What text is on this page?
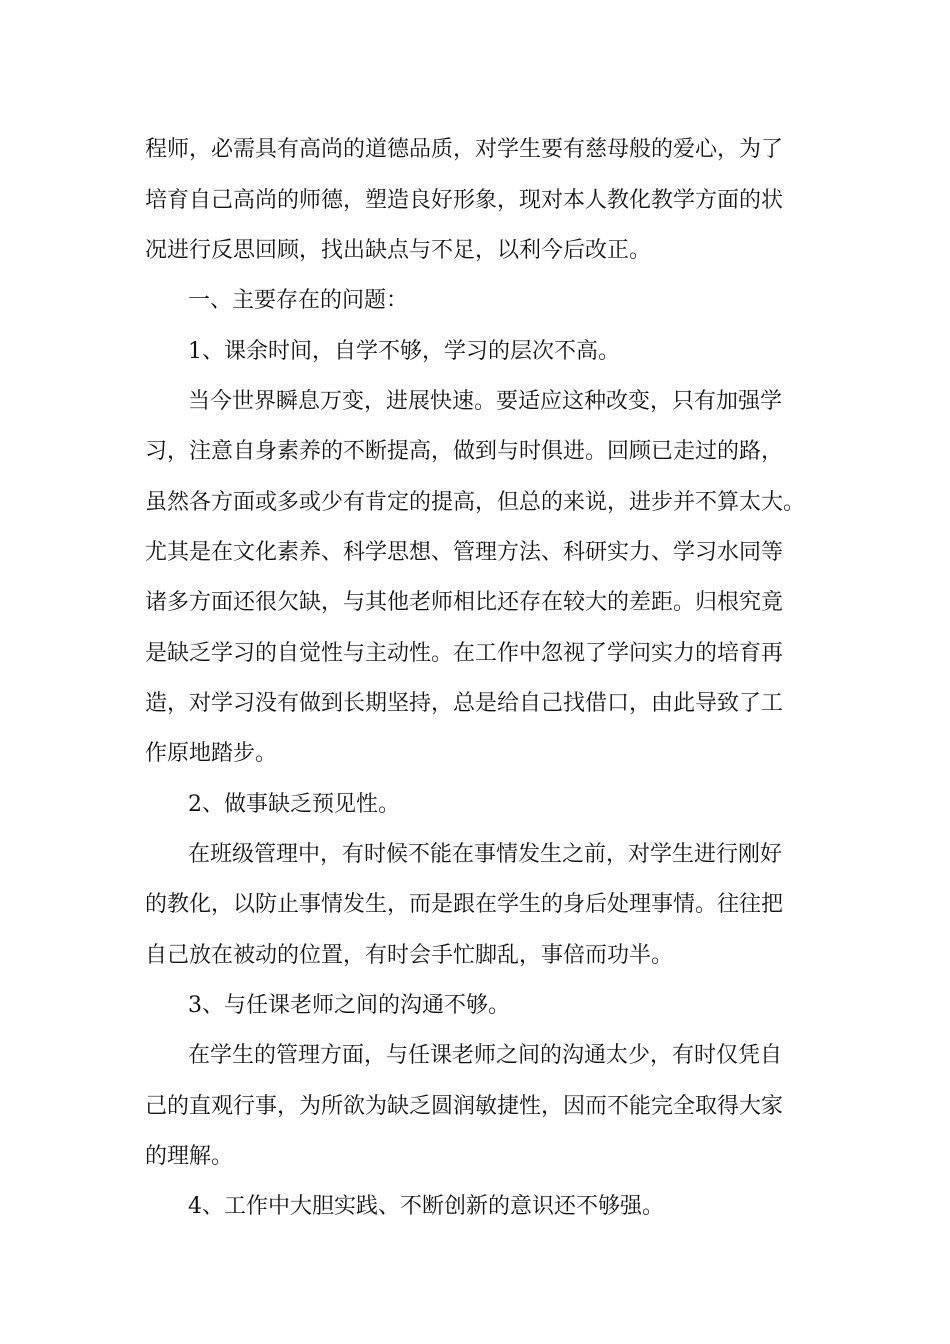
程师，必需具有高尚的道德品质，对学生要有慈母般的爱心，为了
培育自己高尚的师德，塑造良好形象，现对本人教化教学方面的状
况进行反思回顾，找出缺点与不足，以利今后改正。
一、主要存在的问题：
1、课余时间，自学不够，学习的层次不高。
当今世界瞬息万变，进展快速。要适应这种改变，只有加强学
习，注意自身素养的不断提高，做到与时俱进。回顾已走过的路，
虽然各方面或多或少有肯定的提高，但总的来说，进步并不算太大。
尤其是在文化素养、科学思想、管理方法、科研实力、学习水同等
诸多方面还很欠缺，与其他老师相比还存在较大的差距。归根究竟
是缺乏学习的自觉性与主动性。在工作中忽视了学问实力的培育再
造，对学习没有做到长期坚持，总是给自己找借口，由此导致了工
作原地踏步。
2、做事缺乏预见性。
在班级管理中，有时候不能在事情发生之前，对学生进行刚好
的教化，以防止事情发生，而是跟在学生的身后处理事情。往往把
自己放在被动的位置，有时会手忙脚乱，事倍而功半。
3、与任课老师之间的沟通不够。
在学生的管理方面，与任课老师之间的沟通太少，有时仅凭自
己的直观行事，为所欲为缺乏圆润敏捷性，因而不能完全取得大家
的理解。
4、工作中大胆实践、不断创新的意识还不够强。
